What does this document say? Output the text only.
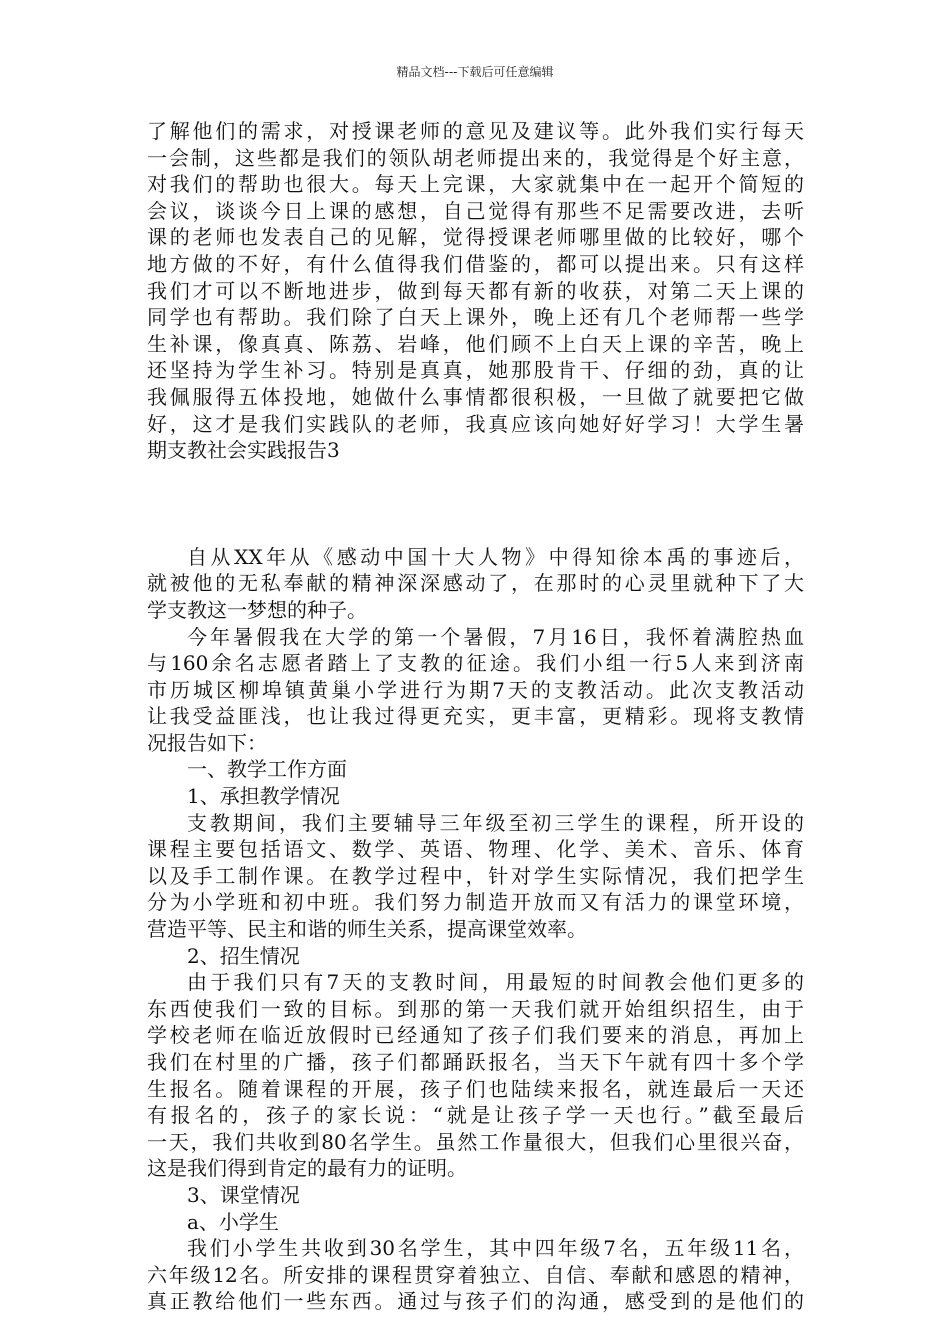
精品文档---下载后可任意编辑
了解他们的需求，对授课老师的意见及建议等。此外我们实行每天
一会制，这些都是我们的领队胡老师提出来的，我觉得是个好主意，
对我们的帮助也很大。每天上完课，大家就集中在一起开个简短的
会议，谈谈今日上课的感想，自己觉得有那些不足需要改进，去听
课的老师也发表自己的见解，觉得授课老师哪里做的比较好，哪个
地方做的不好，有什么值得我们借鉴的，都可以提出来。只有这样
我们才可以不断地进步，做到每天都有新的收获，对第二天上课的
同学也有帮助。我们除了白天上课外，晚上还有几个老师帮一些学
生补课，像真真、陈荔、岩峰，他们顾不上白天上课的辛苦，晚上
还坚持为学生补习。特别是真真，她那股肯干、仔细的劲，真的让
我佩服得五体投地，她做什么事情都很积极，一旦做了就要把它做
好，这才是我们实践队的老师，我真应该向她好好学习！大学生暑
期支教社会实践报告3
自从XX年从《感动中国十大人物》中得知徐本禹的事迹后，
就被他的无私奉献的精神深深感动了，在那时的心灵里就种下了大
学支教这一梦想的种子。
今年暑假我在大学的第一个暑假，7月16日，我怀着满腔热血
与160余名志愿者踏上了支教的征途。我们小组一行5人来到济南
市历城区柳埠镇黄巢小学进行为期7天的支教活动。此次支教活动
让我受益匪浅，也让我过得更充实，更丰富，更精彩。现将支教情
况报告如下：
一、教学工作方面
1、承担教学情况
支教期间，我们主要辅导三年级至初三学生的课程，所开设的
课程主要包括语文、数学、英语、物理、化学、美术、音乐、体育
以及手工制作课。在教学过程中，针对学生实际情况，我们把学生
分为小学班和初中班。我们努力制造开放而又有活力的课堂环境，
营造平等、民主和谐的师生关系，提高课堂效率。
2、招生情况
由于我们只有7天的支教时间，用最短的时间教会他们更多的
东西使我们一致的目标。到那的第一天我们就开始组织招生，由于
学校老师在临近放假时已经通知了孩子们我们要来的消息，再加上
我们在村里的广播，孩子们都踊跃报名，当天下午就有四十多个学
生报名。随着课程的开展，孩子们也陆续来报名，就连最后一天还
有报名的，孩子的家长说：“就是让孩子学一天也行。”截至最后
一天，我们共收到80名学生。虽然工作量很大，但我们心里很兴奋，
这是我们得到肯定的最有力的证明。
3、课堂情况
a、小学生
我们小学生共收到30名学生，其中四年级7名，五年级11名，
六年级12名。所安排的课程贯穿着独立、自信、奉献和感恩的精神，
真正教给他们一些东西。通过与孩子们的沟通，感受到的是他们的
